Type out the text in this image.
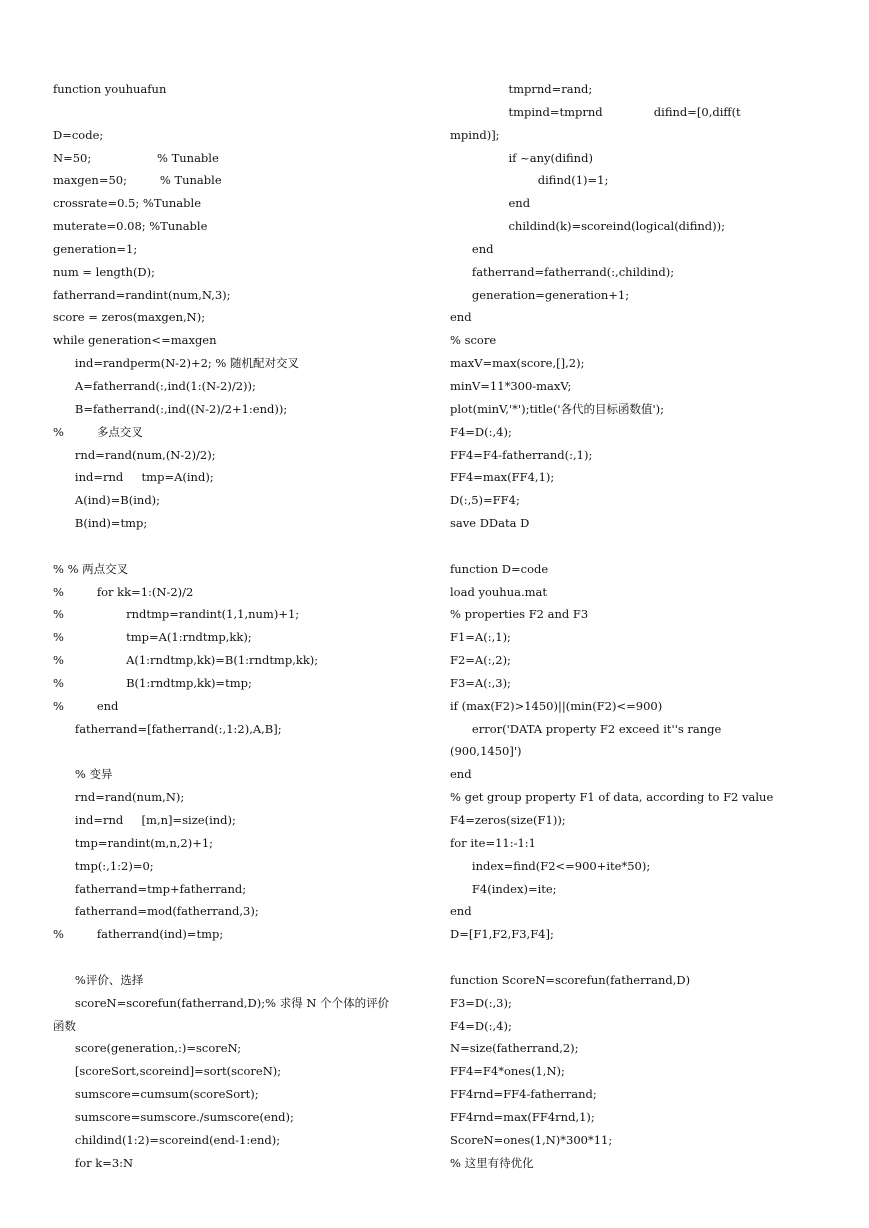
function youhuafun
D=code;
N=50;                  % Tunable
maxgen=50;         % Tunable
crossrate=0.5; %Tunable
muterate=0.08; %Tunable
generation=1;
num = length(D);
fatherrand=randint(num,N,3);
score = zeros(maxgen,N);
while generation<=maxgen
ind=randperm(N-2)+2; % 随机配对交叉
A=fatherrand(:,ind(1:(N-2)/2));
B=fatherrand(:,ind((N-2)/2+1:end));
%         多点交叉
rnd=rand(num,(N-2)/2);
ind=rnd     tmp=A(ind);
A(ind)=B(ind);
B(ind)=tmp;
% % 两点交叉
%         for kk=1:(N-2)/2
%                 rndtmp=randint(1,1,num)+1;
%                 tmp=A(1:rndtmp,kk);
%                 A(1:rndtmp,kk)=B(1:rndtmp,kk);
%                 B(1:rndtmp,kk)=tmp;
%         end
fatherrand=[fatherrand(:,1:2),A,B];
% 变异
rnd=rand(num,N);
ind=rnd     [m,n]=size(ind);
tmp=randint(m,n,2)+1;
tmp(:,1:2)=0;
fatherrand=tmp+fatherrand;
fatherrand=mod(fatherrand,3);
%         fatherrand(ind)=tmp;
%评价、选择
scoreN=scorefun(fatherrand,D);% 求得 N 个个体的评价
函数
score(generation,:)=scoreN;
[scoreSort,scoreind]=sort(scoreN);
sumscore=cumsum(scoreSort);
sumscore=sumscore./sumscore(end);
childind(1:2)=scoreind(end-1:end);
for k=3:N
tmprnd=rand;
tmpind=tmprnd              difind=[0,diff(t
mpind)];
if ~any(difind)
difind(1)=1;
end
childind(k)=scoreind(logical(difind));
end
fatherrand=fatherrand(:,childind);
generation=generation+1;
end
% score
maxV=max(score,[],2);
minV=11*300-maxV;
plot(minV,'*');title('各代的目标函数值');
F4=D(:,4);
FF4=F4-fatherrand(:,1);
FF4=max(FF4,1);
D(:,5)=FF4;
save DData D
function D=code
load youhua.mat
% properties F2 and F3
F1=A(:,1);
F2=A(:,2);
F3=A(:,3);
if (max(F2)>1450)||(min(F2)<=900)
error('DATA property F2 exceed it''s range
(900,1450]')
end
% get group property F1 of data, according to F2 value
F4=zeros(size(F1));
for ite=11:-1:1
index=find(F2<=900+ite*50);
F4(index)=ite;
end
D=[F1,F2,F3,F4];
function ScoreN=scorefun(fatherrand,D)
F3=D(:,3);
F4=D(:,4);
N=size(fatherrand,2);
FF4=F4*ones(1,N);
FF4rnd=FF4-fatherrand;
FF4rnd=max(FF4rnd,1);
ScoreN=ones(1,N)*300*11;
% 这里有待优化
